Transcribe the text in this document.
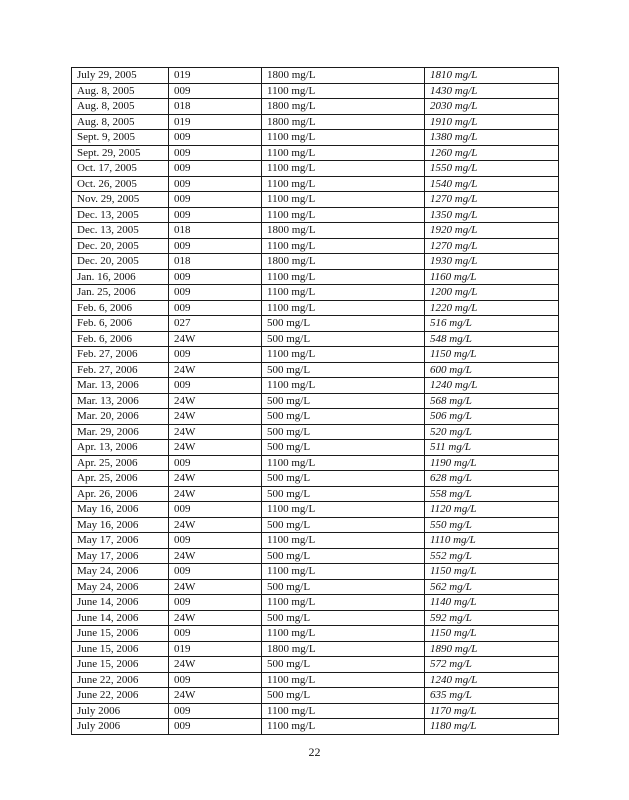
July 29, 2005	019	1800 mg/L	1810 mg/L
Aug. 8, 2005	009	1100 mg/L	1430 mg/L
Aug. 8, 2005	018	1800 mg/L	2030 mg/L
Aug. 8, 2005	019	1800 mg/L	1910 mg/L
Sept. 9, 2005	009	1100 mg/L	1380 mg/L
Sept. 29, 2005	009	1100 mg/L	1260 mg/L
Oct. 17, 2005	009	1100 mg/L	1550 mg/L
Oct. 26, 2005	009	1100 mg/L	1540 mg/L
Nov. 29, 2005	009	1100 mg/L	1270 mg/L
Dec. 13, 2005	009	1100 mg/L	1350 mg/L
Dec. 13, 2005	018	1800 mg/L	1920 mg/L
Dec. 20, 2005	009	1100 mg/L	1270 mg/L
Dec. 20, 2005	018	1800 mg/L	1930 mg/L
Jan. 16, 2006	009	1100 mg/L	1160 mg/L
Jan. 25, 2006	009	1100 mg/L	1200 mg/L
Feb. 6, 2006	009	1100 mg/L	1220 mg/L
Feb. 6, 2006	027	500 mg/L	516 mg/L
Feb. 6, 2006	24W	500 mg/L	548 mg/L
Feb. 27, 2006	009	1100 mg/L	1150 mg/L
Feb. 27, 2006	24W	500 mg/L	600 mg/L
Mar. 13, 2006	009	1100 mg/L	1240 mg/L
Mar. 13, 2006	24W	500 mg/L	568 mg/L
Mar. 20, 2006	24W	500 mg/L	506 mg/L
Mar. 29, 2006	24W	500 mg/L	520 mg/L
Apr. 13, 2006	24W	500 mg/L	511 mg/L
Apr. 25, 2006	009	1100 mg/L	1190 mg/L
Apr. 25, 2006	24W	500 mg/L	628 mg/L
Apr. 26, 2006	24W	500 mg/L	558 mg/L
May 16, 2006	009	1100 mg/L	1120 mg/L
May 16, 2006	24W	500 mg/L	550 mg/L
May 17, 2006	009	1100 mg/L	1110 mg/L
May 17, 2006	24W	500 mg/L	552 mg/L
May 24, 2006	009	1100 mg/L	1150 mg/L
May 24, 2006	24W	500 mg/L	562 mg/L
June 14, 2006	009	1100 mg/L	1140 mg/L
June 14, 2006	24W	500 mg/L	592 mg/L
June 15, 2006	009	1100 mg/L	1150 mg/L
June 15, 2006	019	1800 mg/L	1890 mg/L
June 15, 2006	24W	500 mg/L	572 mg/L
June 22, 2006	009	1100 mg/L	1240 mg/L
June 22, 2006	24W	500 mg/L	635 mg/L
July 2006	009	1100 mg/L	1170 mg/L
July 2006	009	1100 mg/L	1180 mg/L
22
